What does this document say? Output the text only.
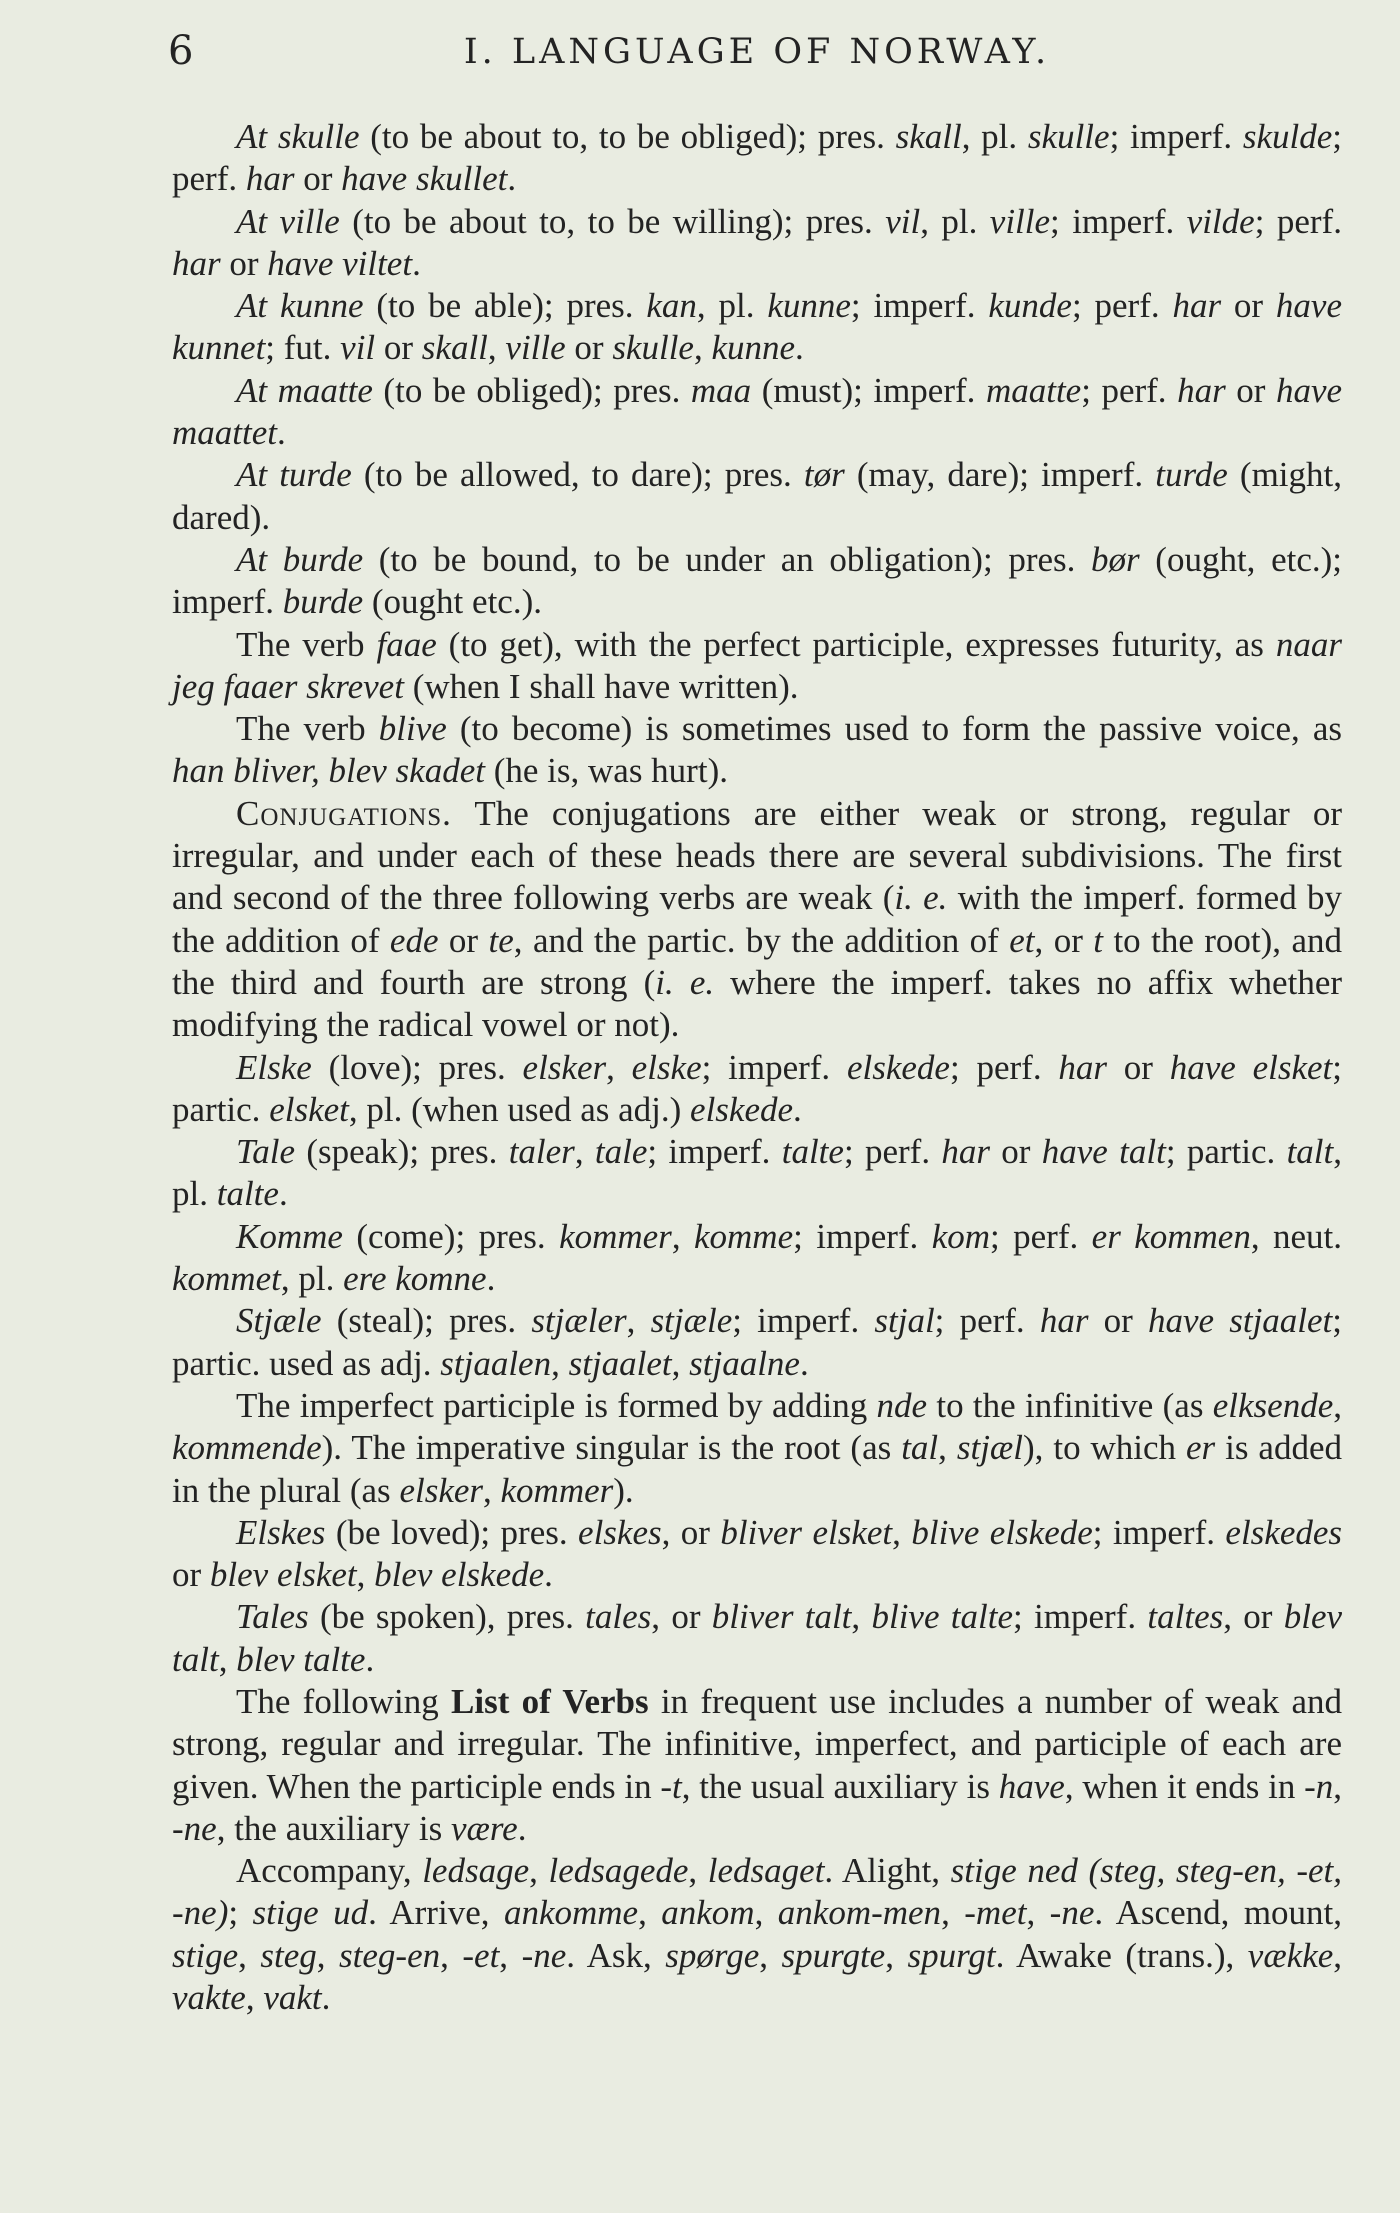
6	I. LANGUAGE OF NORWAY.

At skulle (to be about to, to be obliged); pres. skall, pl. skulle; imperf. skulde; perf. har or have skullet.

At ville (to be about to, to be willing); pres. vil, pl. ville; imperf. vilde; perf. har or have viltet.

At kunne (to be able); pres. kan, pl. kunne; imperf. kunde; perf. har or have kunnet; fut. vil or skall, ville or skulle, kunne.

At maatte (to be obliged); pres. maa (must); imperf. maatte; perf. har or have maattet.

At turde (to be allowed, to dare); pres. tør (may, dare); imperf. turde (might, dared).

At burde (to be bound, to be under an obligation); pres. bør (ought, etc.); imperf. burde (ought etc.).

The verb faae (to get), with the perfect participle, expresses futurity, as naar jeg faaer skrevet (when I shall have written).

The verb blive (to become) is sometimes used to form the passive voice, as han bliver, blev skadet (he is, was hurt).

Conjugations. The conjugations are either weak or strong, regular or irregular, and under each of these heads there are several subdivisions. The first and second of the three following verbs are weak (i. e. with the imperf. formed by the addition of ede or te, and the partic. by the addition of et, or t to the root), and the third and fourth are strong (i. e. where the imperf. takes no affix whether modifying the radical vowel or not).

Elske (love); pres. elsker, elske; imperf. elskede; perf. har or have elsket; partic. elsket, pl. (when used as adj.) elskede.

Tale (speak); pres. taler, tale; imperf. talte; perf. har or have talt; partic. talt, pl. talte.

Komme (come); pres. kommer, komme; imperf. kom; perf. er kommen, neut. kommet, pl. ere komne.

Stjæle (steal); pres. stjæler, stjæle; imperf. stjal; perf. har or have stjaalet; partic. used as adj. stjaalen, stjaalet, stjaalne.

The imperfect participle is formed by adding nde to the infinitive (as elksende, kommende). The imperative singular is the root (as tal, stjæl), to which er is added in the plural (as elsker, kommer).

Elskes (be loved); pres. elskes, or bliver elsket, blive elskede; imperf. elskedes or blev elsket, blev elskede.

Tales (be spoken), pres. tales, or bliver talt, blive talte; imperf. taltes, or blev talt, blev talte.

The following List of Verbs in frequent use includes a number of weak and strong, regular and irregular. The infinitive, imperfect, and participle of each are given. When the participle ends in -t, the usual auxiliary is have, when it ends in -n, -ne, the auxiliary is være.

Accompany, ledsage, ledsagede, ledsaget. Alight, stige ned (steg, steg-en, -et, -ne); stige ud. Arrive, ankomme, ankom, ankom-men, -met, -ne. Ascend, mount, stige, steg, steg-en, -et, -ne. Ask, spørge, spurgte, spurgt. Awake (trans.), vække, vakte, vakt.
